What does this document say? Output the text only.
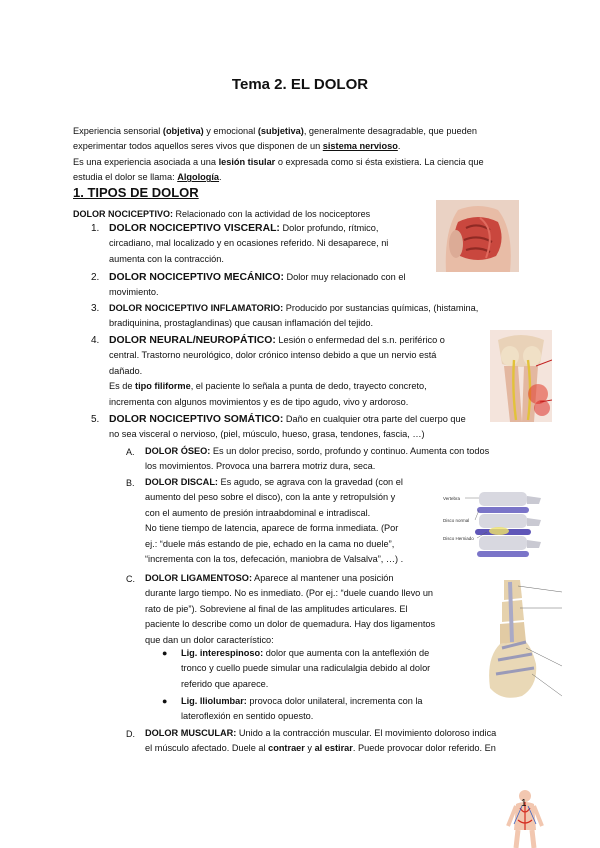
Tema 2. EL DOLOR
Experiencia sensorial (objetiva) y emocional (subjetiva), generalmente desagradable, que pueden
experimentar todos aquellos seres vivos que disponen de un sistema nervioso.
Es una experiencia asociada a una lesión tisular o expresada como si ésta existiera. La ciencia que
estudia el dolor se llama: Algología.
1. TIPOS DE DOLOR
DOLOR NOCICEPTIVO: Relacionado con la actividad de los nociceptores
1. DOLOR NOCICEPTIVO VISCERAL: Dolor profundo, rítmico,
circadiano, mal localizado y en ocasiones referido. Ni desaparece, ni
aumenta con la contracción.
2. DOLOR NOCICEPTIVO MECÁNICO: Dolor muy relacionado con el
movimiento.
3. DOLOR NOCICEPTIVO INFLAMATORIO: Producido por sustancias químicas, (histamina,
bradiquinina, prostaglandinas) que causan inflamación del tejido.
4. DOLOR NEURAL/NEUROPÁTICO: Lesión o enfermedad del s.n. periférico o
central. Trastorno neurológico, dolor crónico intenso debido a que un nervio está
dañado.
Es de tipo filiforme, el paciente lo señala a punta de dedo, trayecto concreto,
incrementa con algunos movimientos y es de tipo agudo, vivo y ardoroso.
5. DOLOR NOCICEPTIVO SOMÁTICO: Daño en cualquier otra parte del cuerpo que
no sea visceral o nervioso, (piel, músculo, hueso, grasa, tendones, fascia, …)
A. DOLOR ÓSEO: Es un dolor preciso, sordo, profundo y continuo. Aumenta con todos
los movimientos. Provoca una barrera motriz dura, seca.
B. DOLOR DISCAL: Es agudo, se agrava con la gravedad (con el
aumento del peso sobre el disco), con la ante y retropulsión y
con el aumento de presión intraabdominal e intradiscal.
No tiene tiempo de latencia, aparece de forma inmediata. (Por
ej.: “duele más estando de pie, echado en la cama no duele”,
“incrementa con la tos, defecación, maniobra de Valsalva”, …) .
C. DOLOR LIGAMENTOSO: Aparece al mantener una posición
durante largo tiempo. No es inmediato. (Por ej.: “duele cuando llevo un
rato de pie”). Sobreviene al final de las amplitudes articulares. El
paciente lo describe como un dolor de quemadura. Hay dos ligamentos
que dan un dolor característico:
● Lig. interespinoso: dolor que aumenta con la anteflexión de
tronco y cuello puede simular una radiculalgia debido al dolor
referido que aparece.
● Lig. Iliolumbar: provoca dolor unilateral, incrementa con la
lateroflexión en sentido opuesto.
D. DOLOR MUSCULAR: Unido a la contracción muscular. El movimiento doloroso indica
el músculo afectado. Duele al contraer y al estirar. Puede provocar dolor referido. En
Vertebra
Disco normal
Disco Herniado
1
